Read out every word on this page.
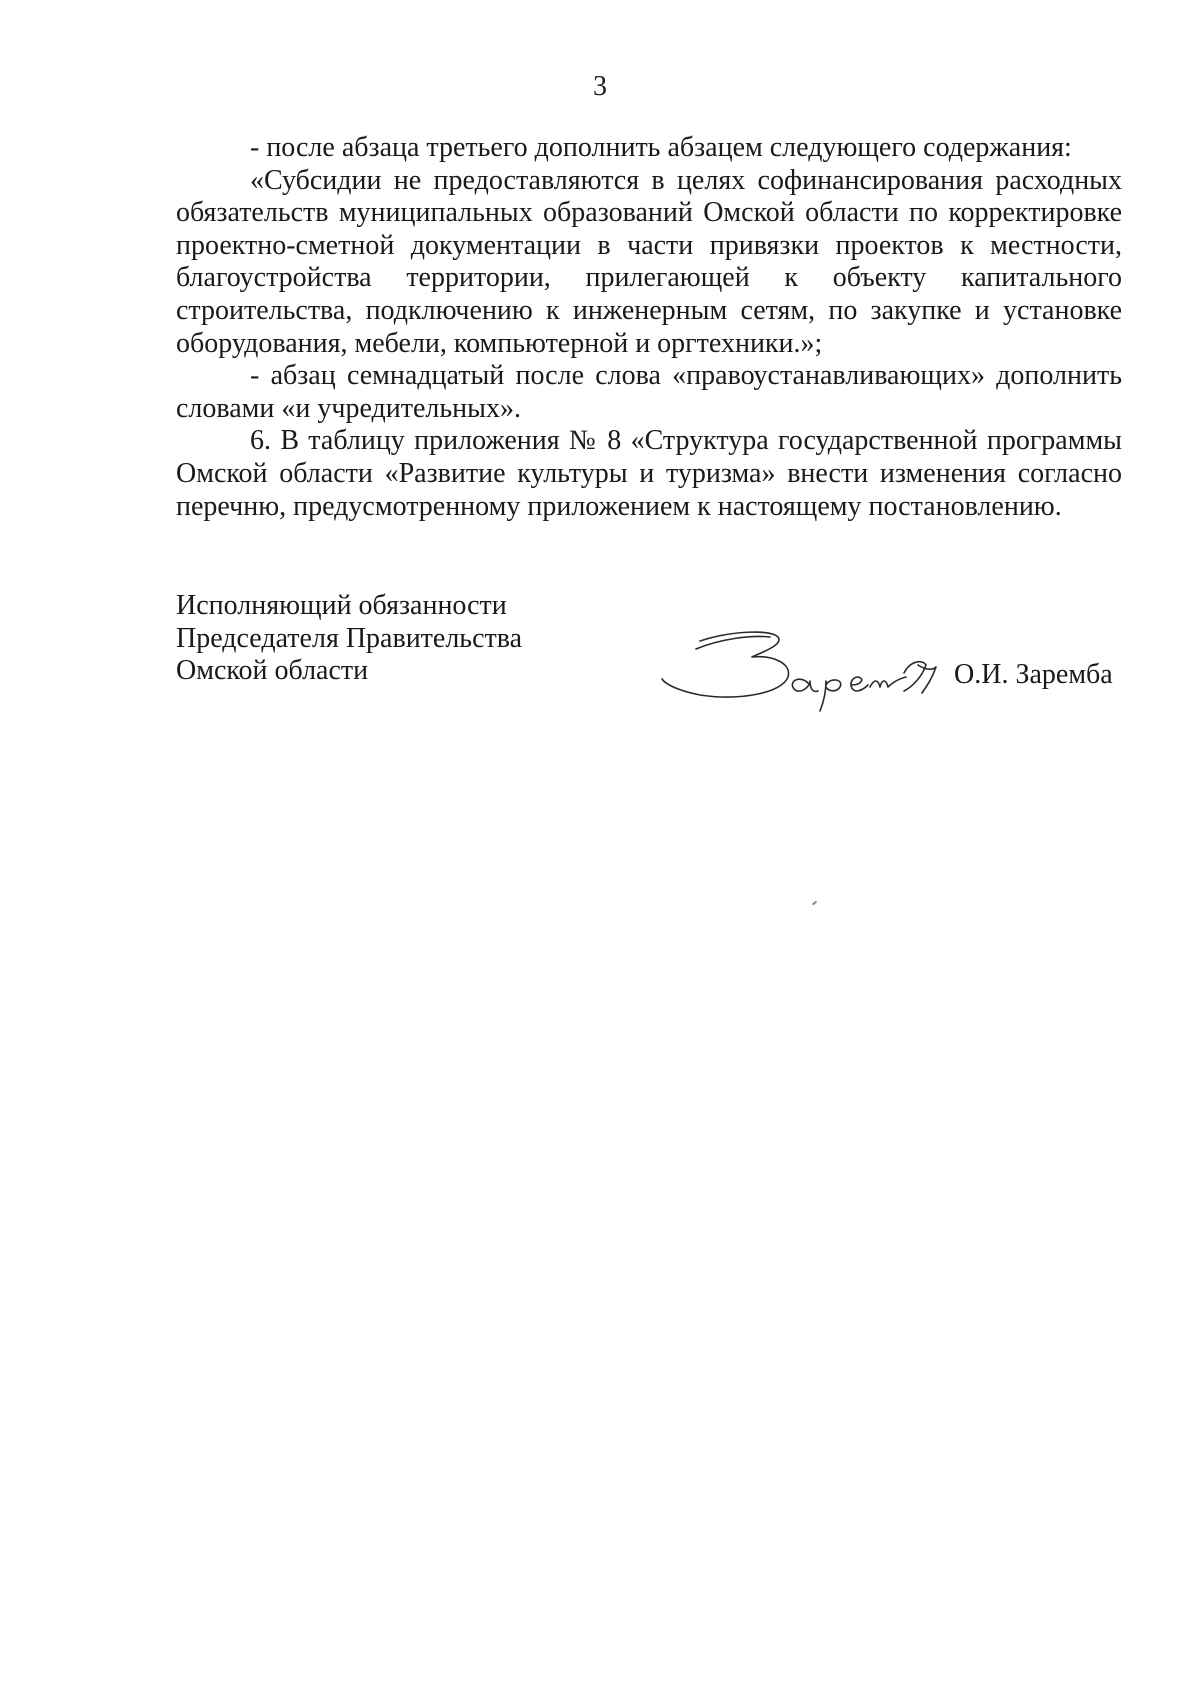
3

- после абзаца третьего дополнить абзацем следующего содержания:

«Субсидии не предоставляются в целях софинансирования расходных обязательств муниципальных образований Омской области по корректировке проектно-сметной документации в части привязки проектов к местности, благоустройства территории, прилегающей к объекту капитального строительства, подключению к инженерным сетям, по закупке и установке оборудования, мебели, компьютерной и оргтехники.»;

- абзац семнадцатый после слова «правоустанавливающих» дополнить словами «и учредительных».

6. В таблицу приложения № 8 «Структура государственной программы Омской области «Развитие культуры и туризма» внести изменения согласно перечню, предусмотренному приложением к настоящему постановлению.

Исполняющий обязанности
Председателя Правительства
Омской области	О.И. Заремба
